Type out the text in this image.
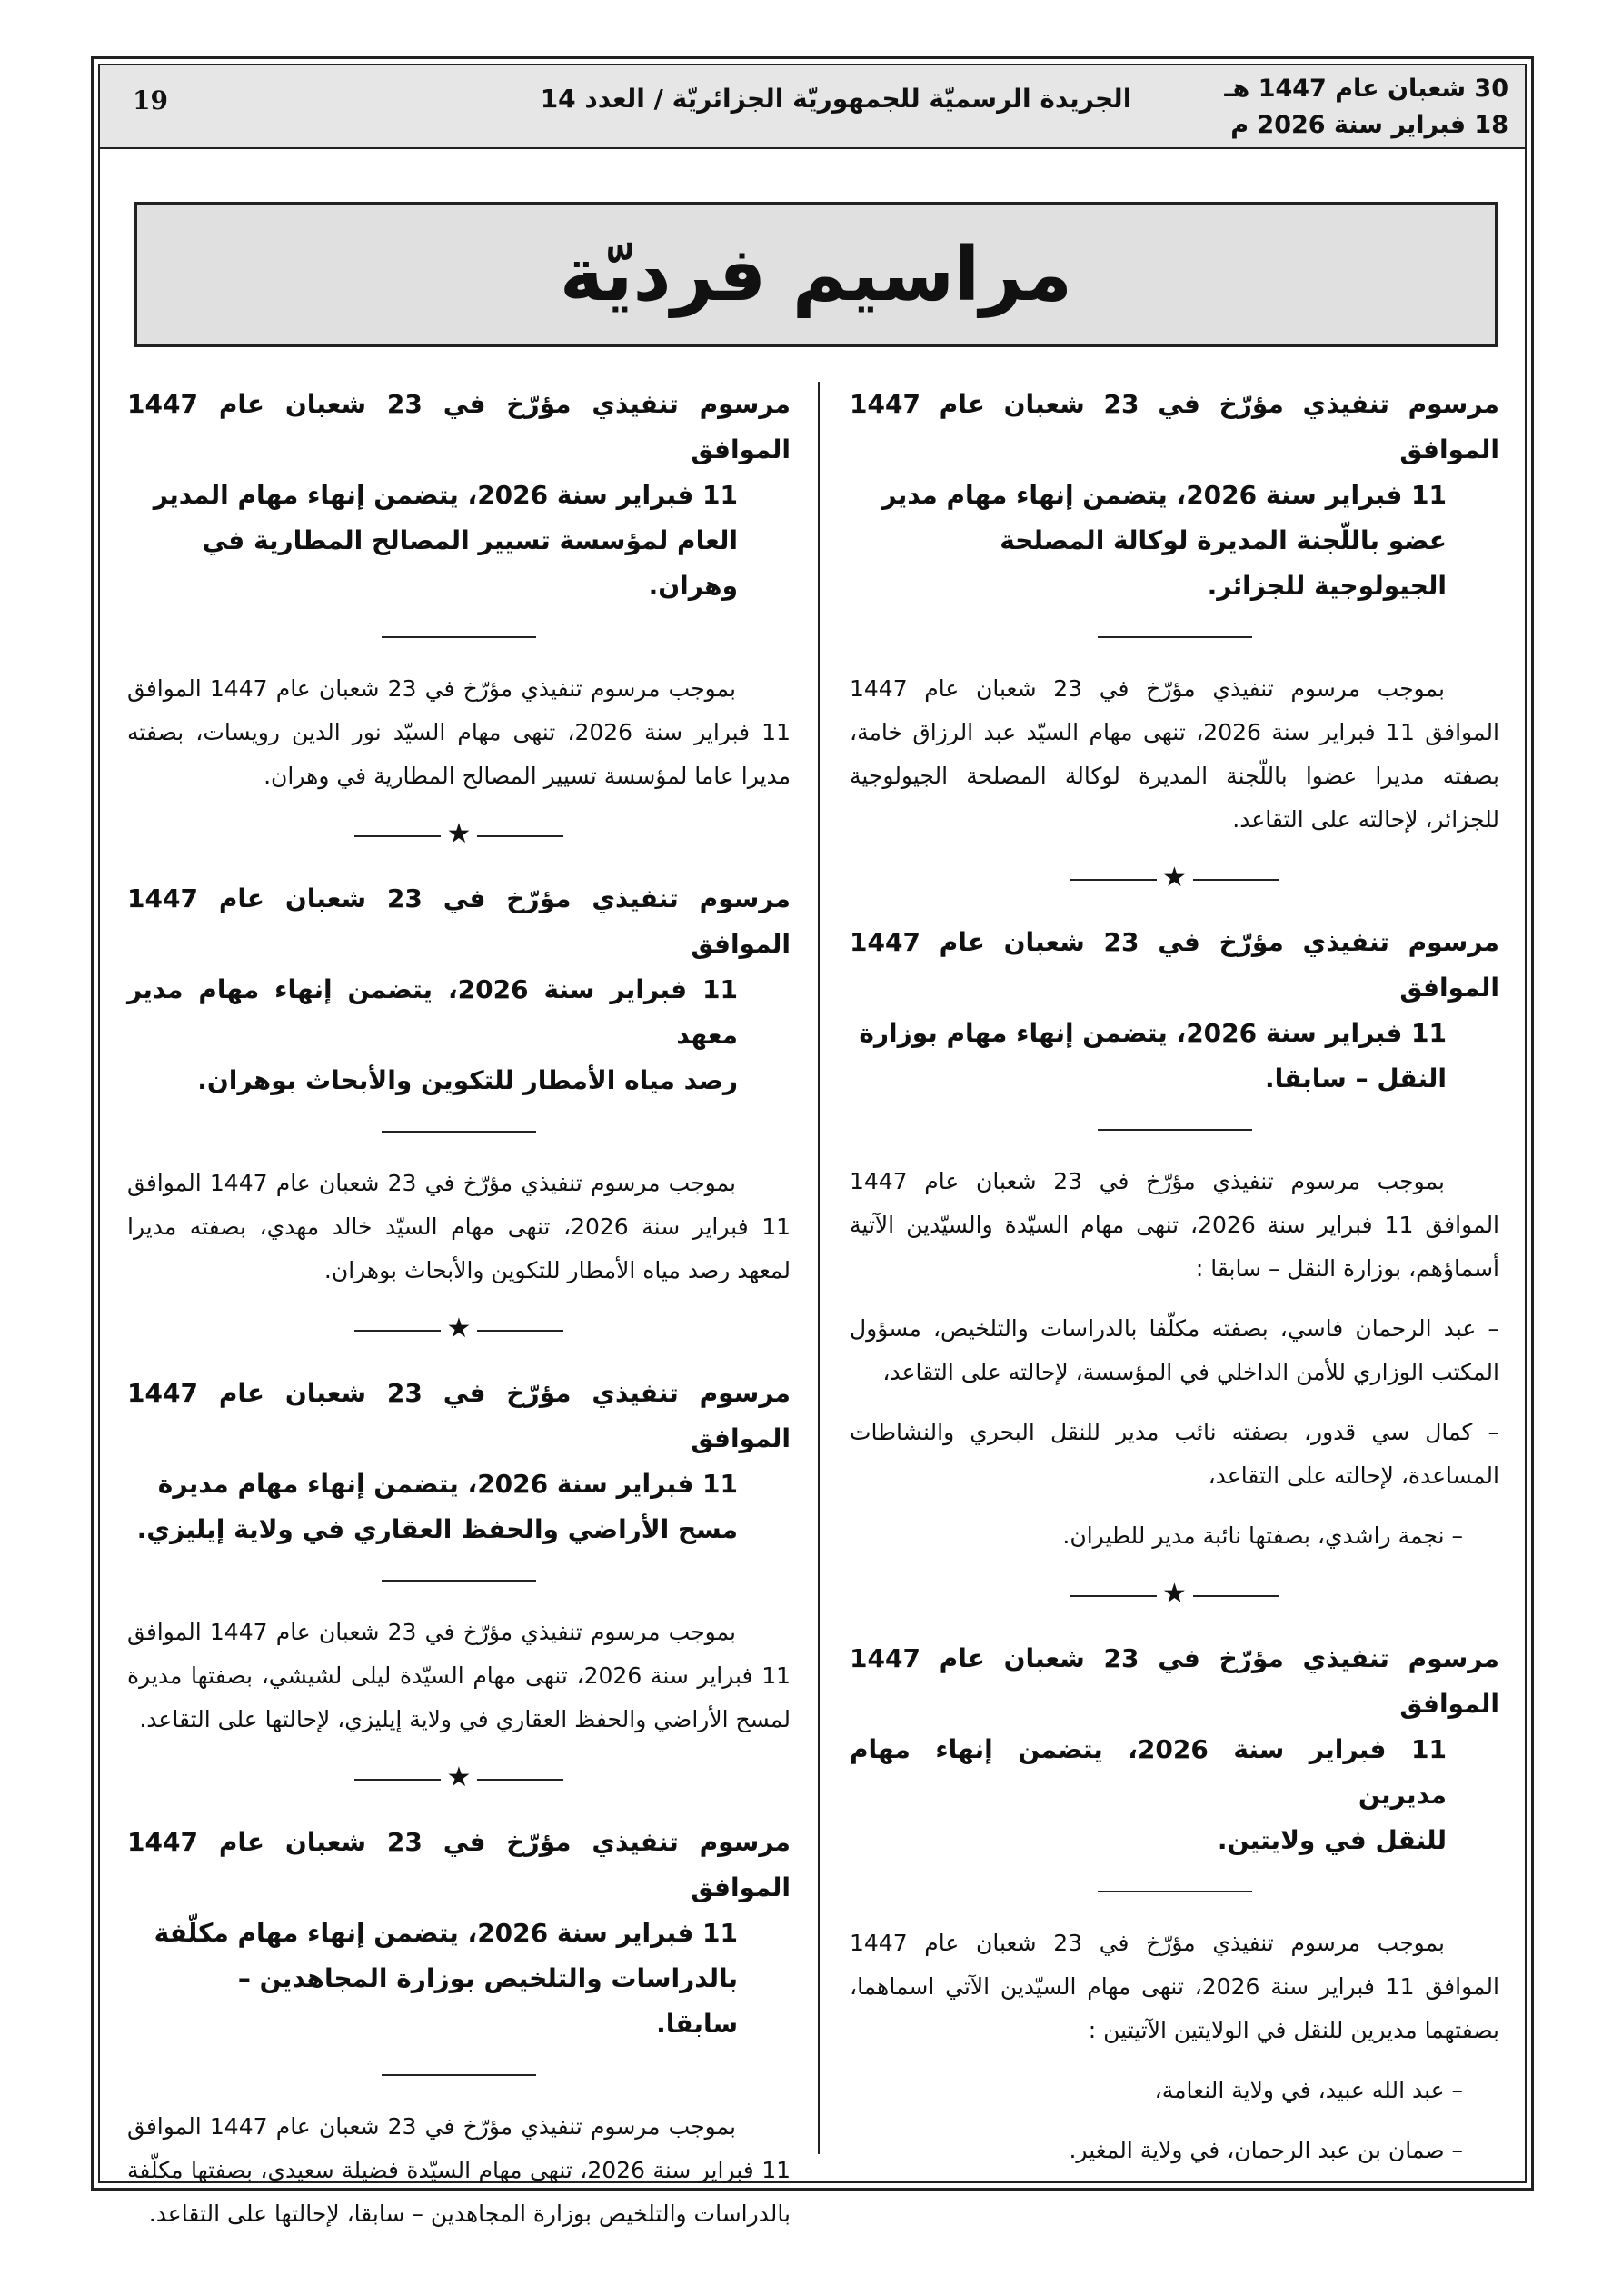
19	الجريدة الرسميّة للجمهوريّة الجزائريّة / العدد 14	30 شعبان عام 1447 هـ
18 فبراير سنة 2026 م
مراسيم فرديّة

مرسوم تنفيذي مؤرّخ في 23 شعبان عام 1447 الموافق
11 فبراير سنة 2026، يتضمن إنهاء مهام مدير
عضو باللّجنة المديرة لوكالة المصلحة
الجيولوجية للجزائر.

بموجب مرسوم تنفيذي مؤرّخ في 23 شعبان عام 1447 الموافق 11 فبراير سنة 2026، تنهى مهام السيّد عبد الرزاق خامة، بصفته مديرا عضوا باللّجنة المديرة لوكالة المصلحة الجيولوجية للجزائر، لإحالته على التقاعد.

★

مرسوم تنفيذي مؤرّخ في 23 شعبان عام 1447 الموافق
11 فبراير سنة 2026، يتضمن إنهاء مهام بوزارة
النقل – سابقا.

بموجب مرسوم تنفيذي مؤرّخ في 23 شعبان عام 1447 الموافق 11 فبراير سنة 2026، تنهى مهام السيّدة والسيّدين الآتية أسماؤهم، بوزارة النقل – سابقا :

– عبد الرحمان فاسي، بصفته مكلّفا بالدراسات والتلخيص، مسؤول المكتب الوزاري للأمن الداخلي في المؤسسة، لإحالته على التقاعد،

– كمال سي قدور، بصفته نائب مدير للنقل البحري والنشاطات المساعدة، لإحالته على التقاعد،

– نجمة راشدي، بصفتها نائبة مدير للطيران.

★

مرسوم تنفيذي مؤرّخ في 23 شعبان عام 1447 الموافق
11 فبراير سنة 2026، يتضمن إنهاء مهام مديرين
للنقل في ولايتين.

بموجب مرسوم تنفيذي مؤرّخ في 23 شعبان عام 1447 الموافق 11 فبراير سنة 2026، تنهى مهام السيّدين الآتي اسماهما، بصفتهما مديرين للنقل في الولايتين الآتيتين :

– عبد الله عبيد، في ولاية النعامة،

– صمان بن عبد الرحمان، في ولاية المغير.

مرسوم تنفيذي مؤرّخ في 23 شعبان عام 1447 الموافق
11 فبراير سنة 2026، يتضمن إنهاء مهام المدير
العام لمؤسسة تسيير المصالح المطارية في
وهران.

بموجب مرسوم تنفيذي مؤرّخ في 23 شعبان عام 1447 الموافق 11 فبراير سنة 2026، تنهى مهام السيّد نور الدين رويسات، بصفته مديرا عاما لمؤسسة تسيير المصالح المطارية في وهران.

★

مرسوم تنفيذي مؤرّخ في 23 شعبان عام 1447 الموافق
11 فبراير سنة 2026، يتضمن إنهاء مهام مدير معهد
رصد مياه الأمطار للتكوين والأبحاث بوهران.

بموجب مرسوم تنفيذي مؤرّخ في 23 شعبان عام 1447 الموافق 11 فبراير سنة 2026، تنهى مهام السيّد خالد مهدي، بصفته مديرا لمعهد رصد مياه الأمطار للتكوين والأبحاث بوهران.

★

مرسوم تنفيذي مؤرّخ في 23 شعبان عام 1447 الموافق
11 فبراير سنة 2026، يتضمن إنهاء مهام مديرة
مسح الأراضي والحفظ العقاري في ولاية إيليزي.

بموجب مرسوم تنفيذي مؤرّخ في 23 شعبان عام 1447 الموافق 11 فبراير سنة 2026، تنهى مهام السيّدة ليلى لشيشي، بصفتها مديرة لمسح الأراضي والحفظ العقاري في ولاية إيليزي، لإحالتها على التقاعد.

★

مرسوم تنفيذي مؤرّخ في 23 شعبان عام 1447 الموافق
11 فبراير سنة 2026، يتضمن إنهاء مهام مكلّفة
بالدراسات والتلخيص بوزارة المجاهدين –
سابقا.

بموجب مرسوم تنفيذي مؤرّخ في 23 شعبان عام 1447 الموافق 11 فبراير سنة 2026، تنهى مهام السيّدة فضيلة سعيدي، بصفتها مكلّفة بالدراسات والتلخيص بوزارة المجاهدين – سابقا، لإحالتها على التقاعد.
